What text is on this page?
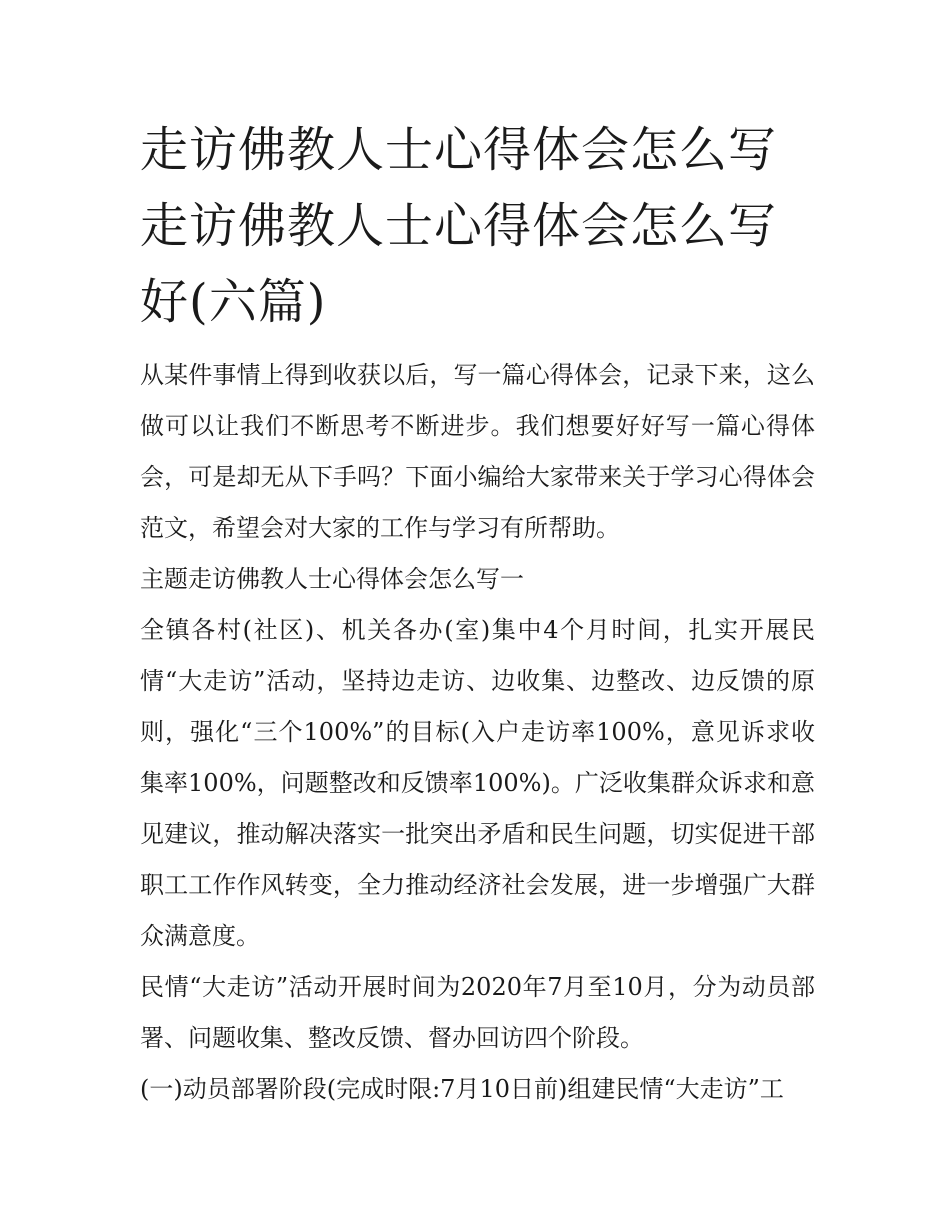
走访佛教人士心得体会怎么写走访佛教人士心得体会怎么写好(六篇)

从某件事情上得到收获以后，写一篇心得体会，记录下来，这么做可以让我们不断思考不断进步。我们想要好好写一篇心得体会，可是却无从下手吗？下面小编给大家带来关于学习心得体会范文，希望会对大家的工作与学习有所帮助。

主题走访佛教人士心得体会怎么写一

全镇各村(社区)、机关各办(室)集中4个月时间，扎实开展民情“大走访”活动，坚持边走访、边收集、边整改、边反馈的原则，强化“三个100%”的目标(入户走访率100%，意见诉求收集率100%，问题整改和反馈率100%)。广泛收集群众诉求和意见建议，推动解决落实一批突出矛盾和民生问题，切实促进干部职工工作作风转变，全力推动经济社会发展，进一步增强广大群众满意度。

民情“大走访”活动开展时间为2020年7月至10月，分为动员部署、问题收集、整改反馈、督办回访四个阶段。

(一)动员部署阶段(完成时限:7月10日前)组建民情“大走访”工
